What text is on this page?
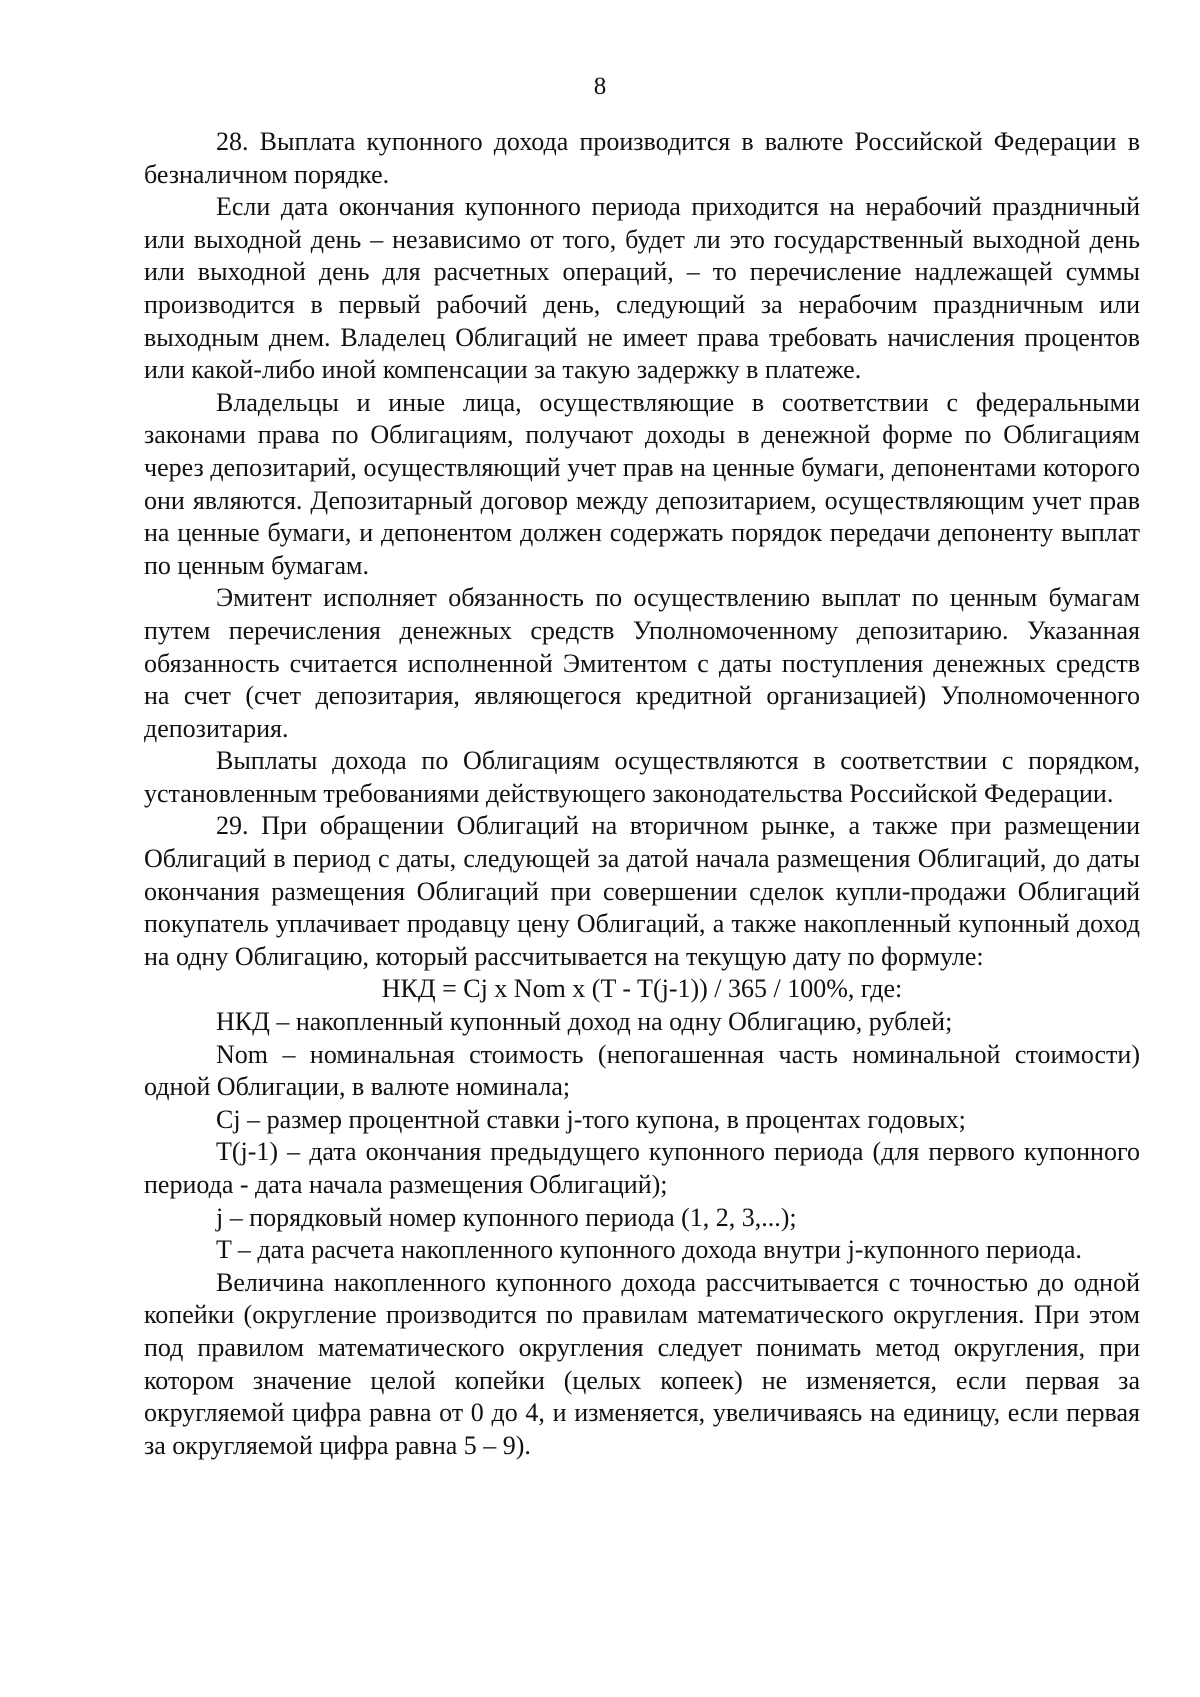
8

28. Выплата купонного дохода производится в валюте Российской Федерации в безналичном порядке.

Если дата окончания купонного периода приходится на нерабочий праздничный или выходной день – независимо от того, будет ли это государственный выходной день или выходной день для расчетных операций, – то перечисление надлежащей суммы производится в первый рабочий день, следующий за нерабочим праздничным или выходным днем. Владелец Облигаций не имеет права требовать начисления процентов или какой-либо иной компенсации за такую задержку в платеже.

Владельцы и иные лица, осуществляющие в соответствии с федеральными законами права по Облигациям, получают доходы в денежной форме по Облигациям через депозитарий, осуществляющий учет прав на ценные бумаги, депонентами которого они являются. Депозитарный договор между депозитарием, осуществляющим учет прав на ценные бумаги, и депонентом должен содержать порядок передачи депоненту выплат по ценным бумагам.

Эмитент исполняет обязанность по осуществлению выплат по ценным бумагам путем перечисления денежных средств Уполномоченному депозитарию. Указанная обязанность считается исполненной Эмитентом с даты поступления денежных средств на счет (счет депозитария, являющегося кредитной организацией) Уполномоченного депозитария.

Выплаты дохода по Облигациям осуществляются в соответствии с порядком, установленным требованиями действующего законодательства Российской Федерации.

29. При обращении Облигаций на вторичном рынке, а также при размещении Облигаций в период с даты, следующей за датой начала размещения Облигаций, до даты окончания размещения Облигаций при совершении сделок купли-продажи Облигаций покупатель уплачивает продавцу цену Облигаций, а также накопленный купонный доход на одну Облигацию, который рассчитывается на текущую дату по формуле:

НКД = Cj x Nom x (T - T(j-1)) / 365 / 100%, где:

НКД – накопленный купонный доход на одну Облигацию, рублей;

Nom – номинальная стоимость (непогашенная часть номинальной стоимости) одной Облигации, в валюте номинала;

Cj – размер процентной ставки j-того купона, в процентах годовых;

T(j-1) – дата окончания предыдущего купонного периода (для первого купонного периода - дата начала размещения Облигаций);

j – порядковый номер купонного периода (1, 2, 3,...);

T – дата расчета накопленного купонного дохода внутри j-купонного периода.

Величина накопленного купонного дохода рассчитывается с точностью до одной копейки (округление производится по правилам математического округления. При этом под правилом математического округления следует понимать метод округления, при котором значение целой копейки (целых копеек) не изменяется, если первая за округляемой цифра равна от 0 до 4, и изменяется, увеличиваясь на единицу, если первая за округляемой цифра равна 5 – 9).
